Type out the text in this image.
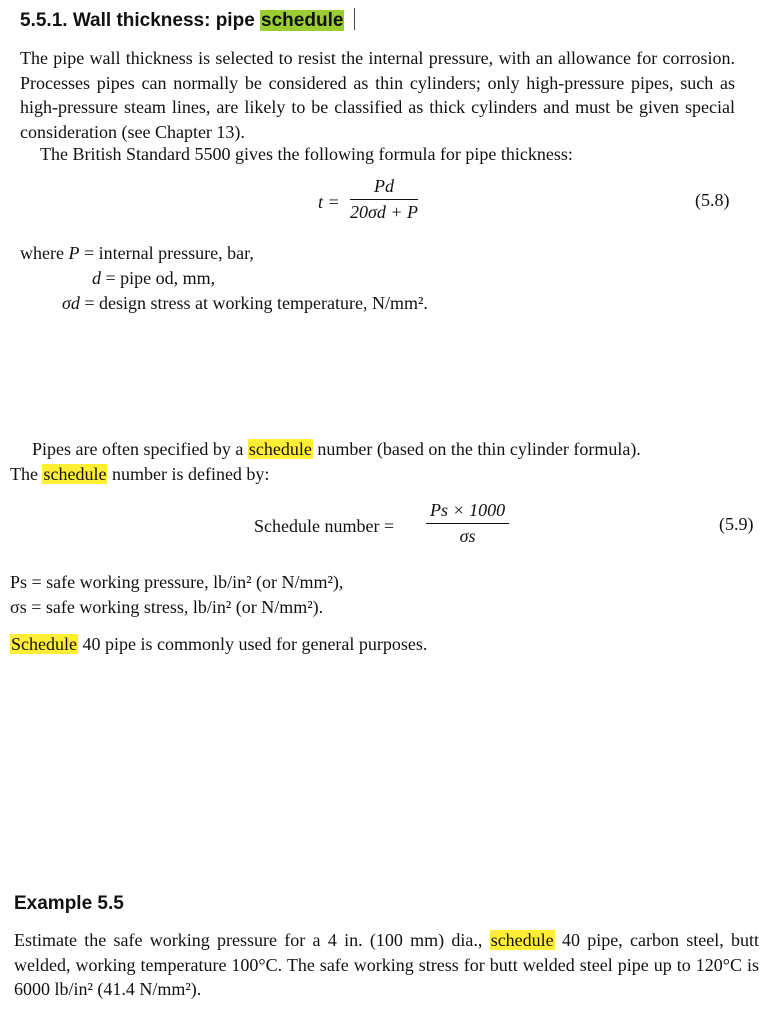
5.5.1. Wall thickness: pipe schedule
The pipe wall thickness is selected to resist the internal pressure, with an allowance for corrosion. Processes pipes can normally be considered as thin cylinders; only high-pressure pipes, such as high-pressure steam lines, are likely to be classified as thick cylinders and must be given special consideration (see Chapter 13).
The British Standard 5500 gives the following formula for pipe thickness:
$t = \frac{Pd}{20\sigma d + P}$	(5.8)
where P = internal pressure, bar,
d = pipe od, mm,
σd = design stress at working temperature, N/mm².
Pipes are often specified by a schedule number (based on the thin cylinder formula).
The schedule number is defined by:
Schedule number = $\frac{Ps \times 1000}{\sigma s}$	(5.9)
Ps = safe working pressure, lb/in² (or N/mm²),
σs = safe working stress, lb/in² (or N/mm²).
Schedule 40 pipe is commonly used for general purposes.
Example 5.5
Estimate the safe working pressure for a 4 in. (100 mm) dia., schedule 40 pipe, carbon steel, butt welded, working temperature 100°C. The safe working stress for butt welded steel pipe up to 120°C is 6000 lb/in² (41.4 N/mm²).
